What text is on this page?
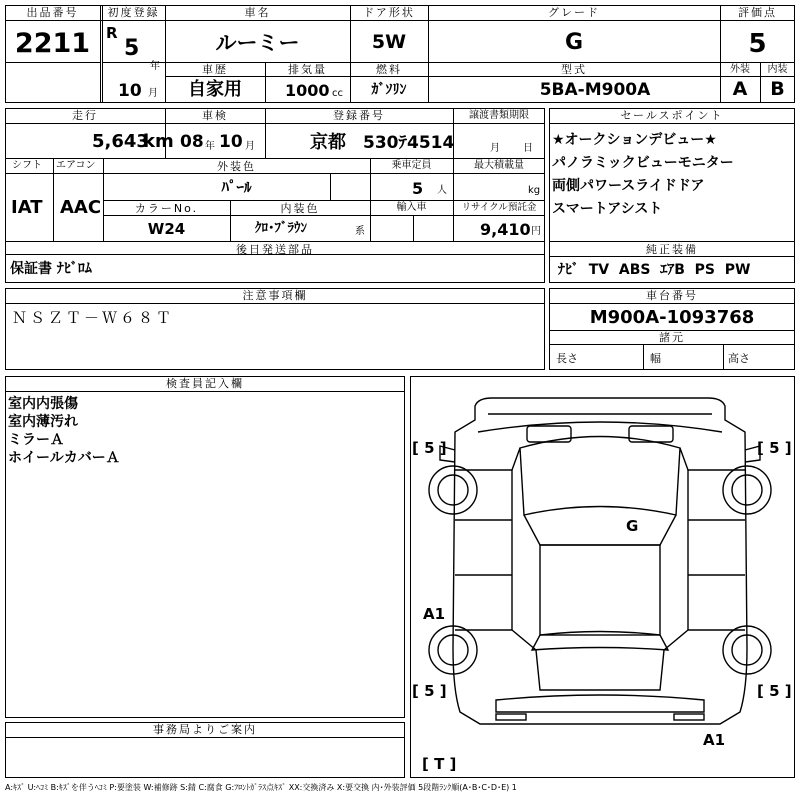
出品番号
2211
初度登録
R
5
年
10 月
車名
ルーミー
ドア形状
5W
グレード
G
評価点
5
車歴
自家用
排気量
1000 cc
燃料
ｶﾞｿﾘﾝ
型式
5BA-M900A
外装	内装
A	B
走行
5,643
km
車検
08 年 10 月
登録番号
京都 530ﾃ4514
譲渡書類期限
月 日
シフト エアコン
IAT AAC
外装色
ﾊﾟｰﾙ
乗車定員
5 人
最大積載量
kg
カラーNo.
W24
内装色
ｸﾛ･ﾌﾞﾗｳﾝ	系
輸入車	リサイクル預託金
9,410 円
後日発送部品
保証書 ﾅﾋﾞﾛﾑ
セールスポイント
★オークションデビュー★
パノラミックビューモニター
両側パワースライドドア
スマートアシスト
純正装備
ﾅﾋﾞ  TV  ABS  ｴｱB  PS  PW
注意事項欄
ＮＳＺＴ－Ｗ６８Ｔ
車台番号
M900A-1093768
諸元
長さ	幅	高さ
検査員記入欄
室内内張傷
室内薄汚れ
ミラーＡ
ホイールカバーＡ
事務局よりご案内
[ 5 ]	[ 5 ]
[ 5 ]	[ 5 ]
[ T ]
G
A1
A1
A:ｷｽﾞ U:ﾍｺﾐ B:ｷｽﾞを伴うﾍｺﾐ P:要塗装 W:補修跡 S:錆 C:腐食 G:ﾌﾛﾝﾄｶﾞﾗｽ点ｷｽﾞ XX:交換済み X:要交換 内･外装評価 5段階ﾗﾝｸ順(A･B･C･D･E) 1
